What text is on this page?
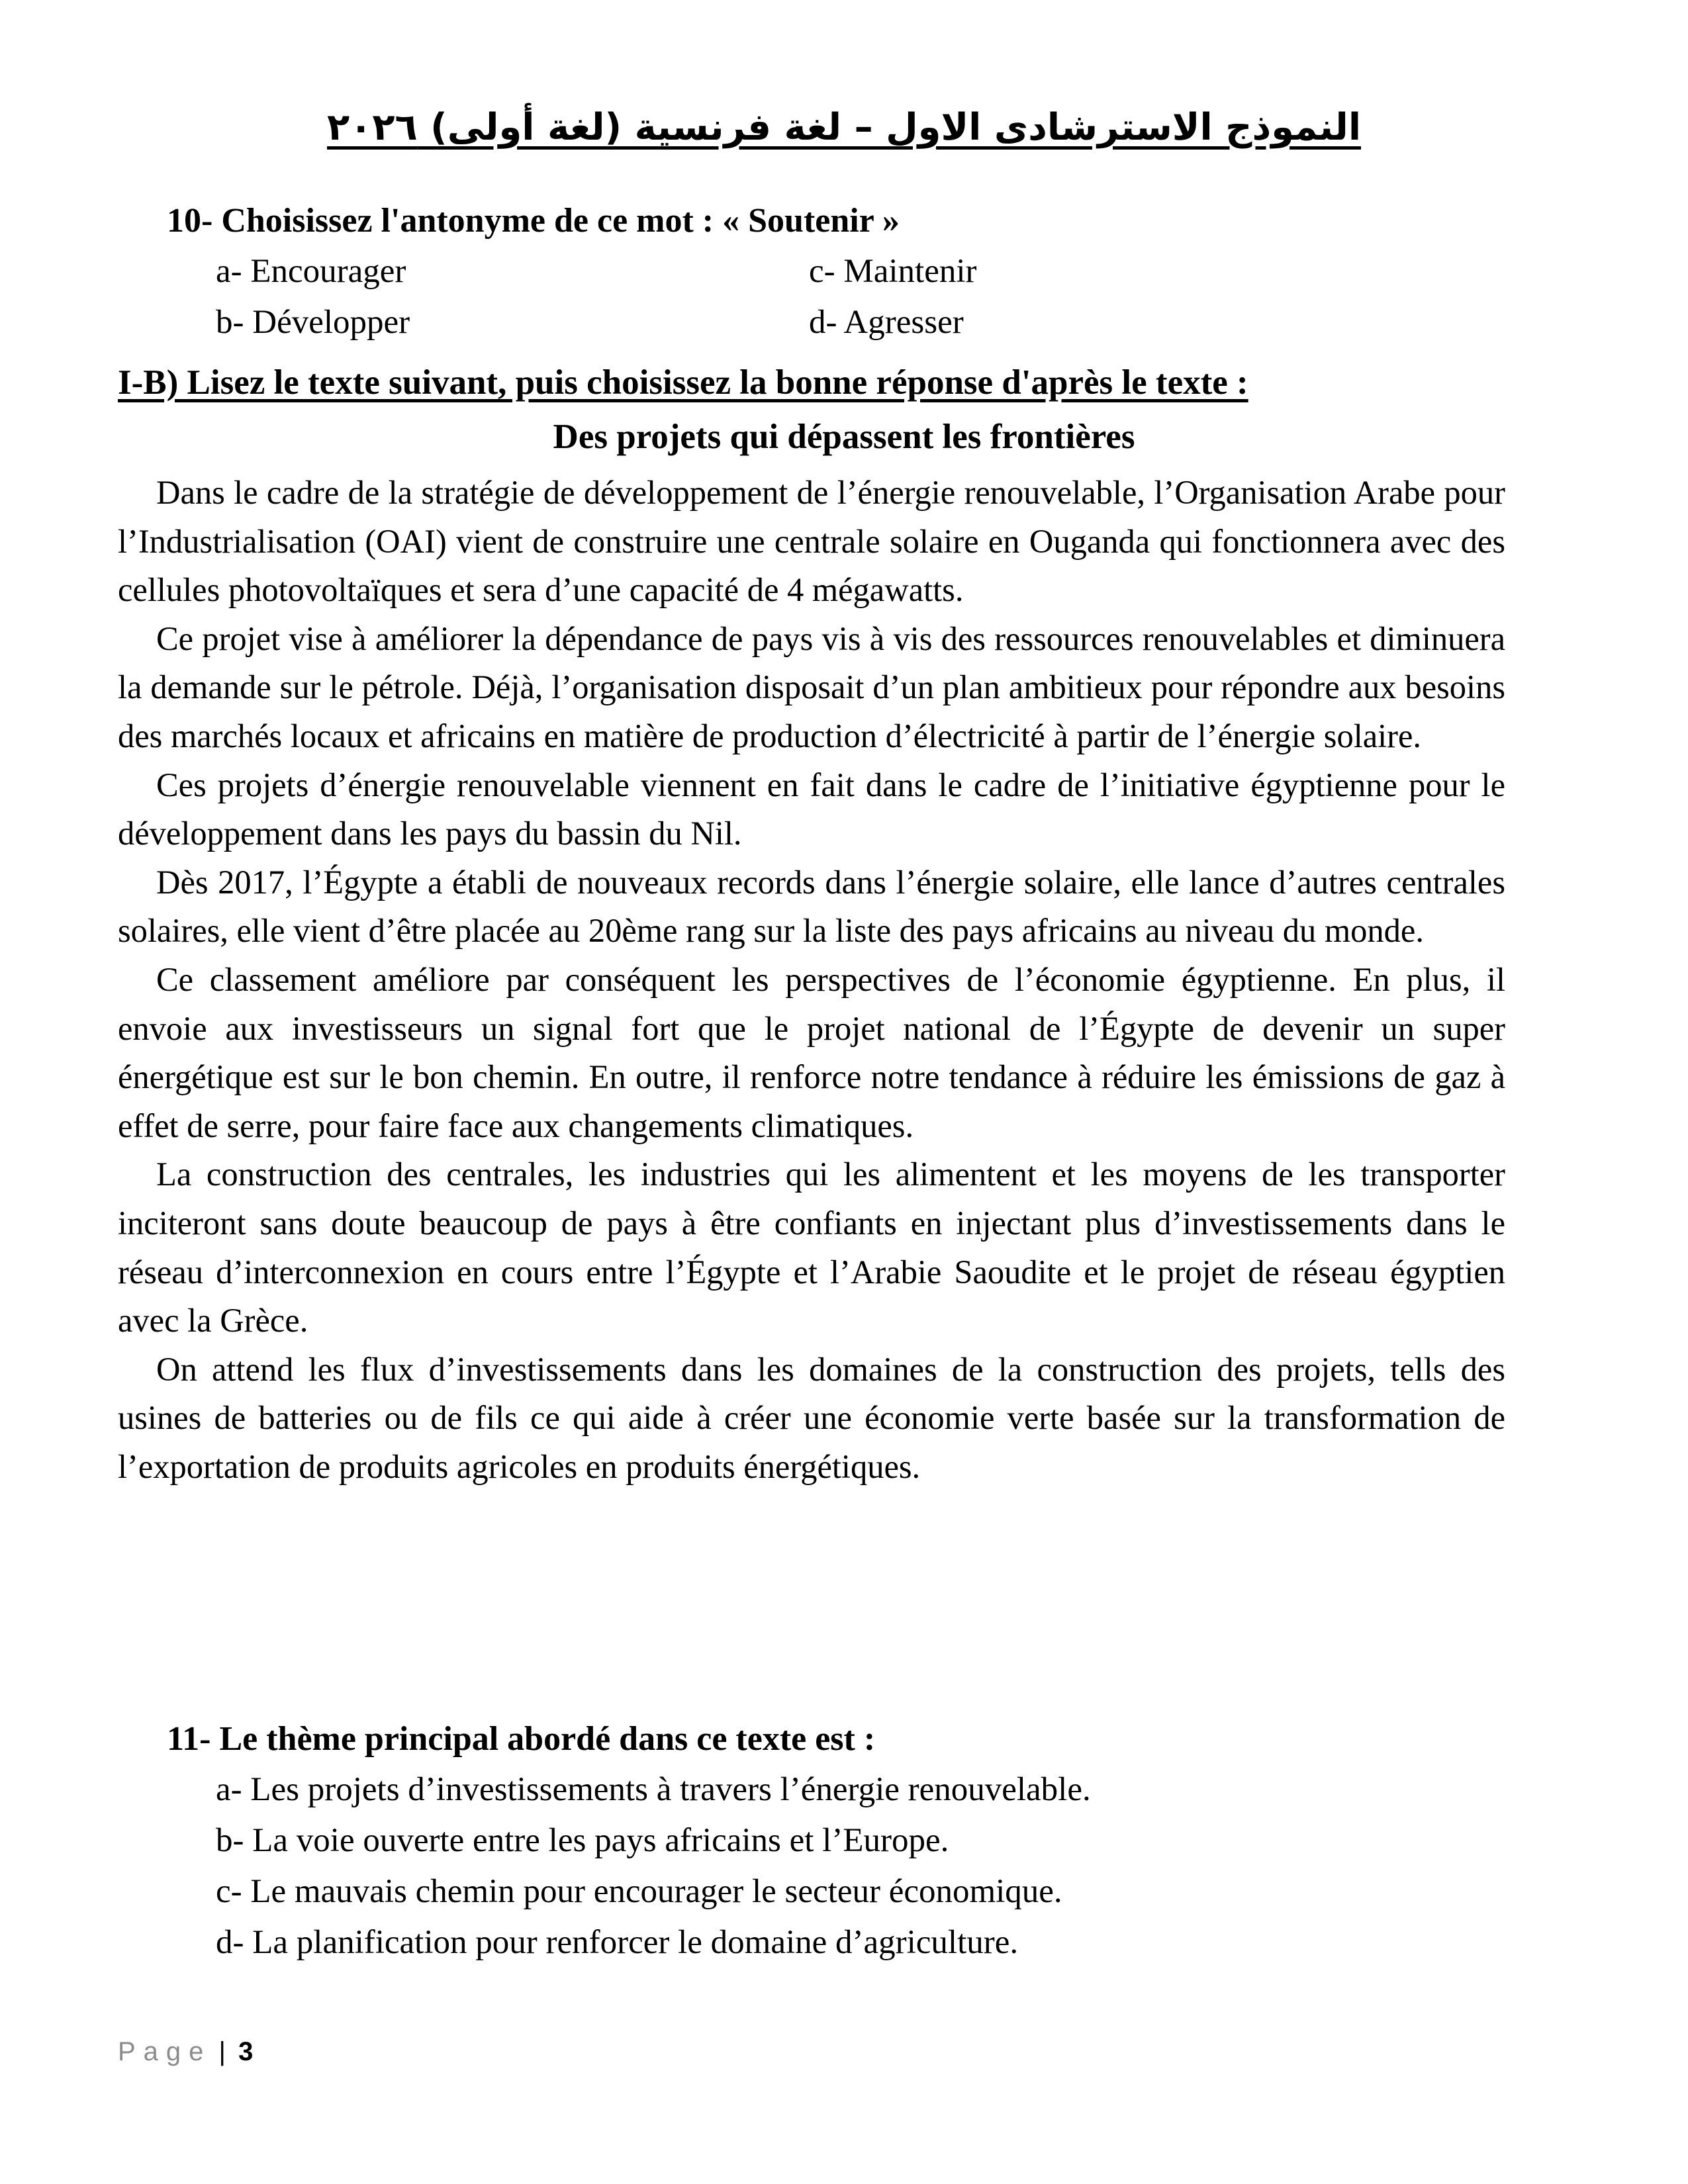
النموذج الاسترشادى الاول – لغة فرنسية (لغة أولى) ٢٠٢٦
10- Choisissez l'antonyme de ce mot : « Soutenir »
a- Encourager
b- Développer
c- Maintenir
d- Agresser
I-B) Lisez le texte suivant, puis choisissez la bonne réponse d'après le texte :
Des projets qui dépassent les frontières

Dans le cadre de la stratégie de développement de l’énergie renouvelable, l’Organisation Arabe pour l’Industrialisation (OAI) vient de construire une centrale solaire en Ouganda qui fonctionnera avec des cellules photovoltaïques et sera d’une capacité de 4 mégawatts.

Ce projet vise à améliorer la dépendance de pays vis à vis des ressources renouvelables et diminuera la demande sur le pétrole. Déjà, l’organisation disposait d’un plan ambitieux pour répondre aux besoins des marchés locaux et africains en matière de production d’électricité à partir de l’énergie solaire.

Ces projets d’énergie renouvelable viennent en fait dans le cadre de l’initiative égyptienne pour le développement dans les pays du bassin du Nil.

Dès 2017, l’Égypte a établi de nouveaux records dans l’énergie solaire, elle lance d’autres centrales solaires, elle vient d’être placée au 20ème rang sur la liste des pays africains au niveau du monde.

Ce classement améliore par conséquent les perspectives de l’économie égyptienne. En plus, il envoie aux investisseurs un signal fort que le projet national de l’Égypte de devenir un super énergétique est sur le bon chemin. En outre, il renforce notre tendance à réduire les émissions de gaz à effet de serre, pour faire face aux changements climatiques.

La construction des centrales, les industries qui les alimentent et les moyens de les transporter inciteront sans doute beaucoup de pays à être confiants en injectant plus d’investissements dans le réseau d’interconnexion en cours entre l’Égypte et l’Arabie Saoudite et le projet de réseau égyptien avec la Grèce.

On attend les flux d’investissements dans les domaines de la construction des projets, tells des usines de batteries ou de fils ce qui aide à créer une économie verte basée sur la transformation de l’exportation de produits agricoles en produits énergétiques.

11- Le thème principal abordé dans ce texte est :
a- Les projets d’investissements à travers l’énergie renouvelable.
b- La voie ouverte entre les pays africains et l’Europe.
c- Le mauvais chemin pour encourager le secteur économique.
d- La planification pour renforcer le domaine d’agriculture.
Page | 3
